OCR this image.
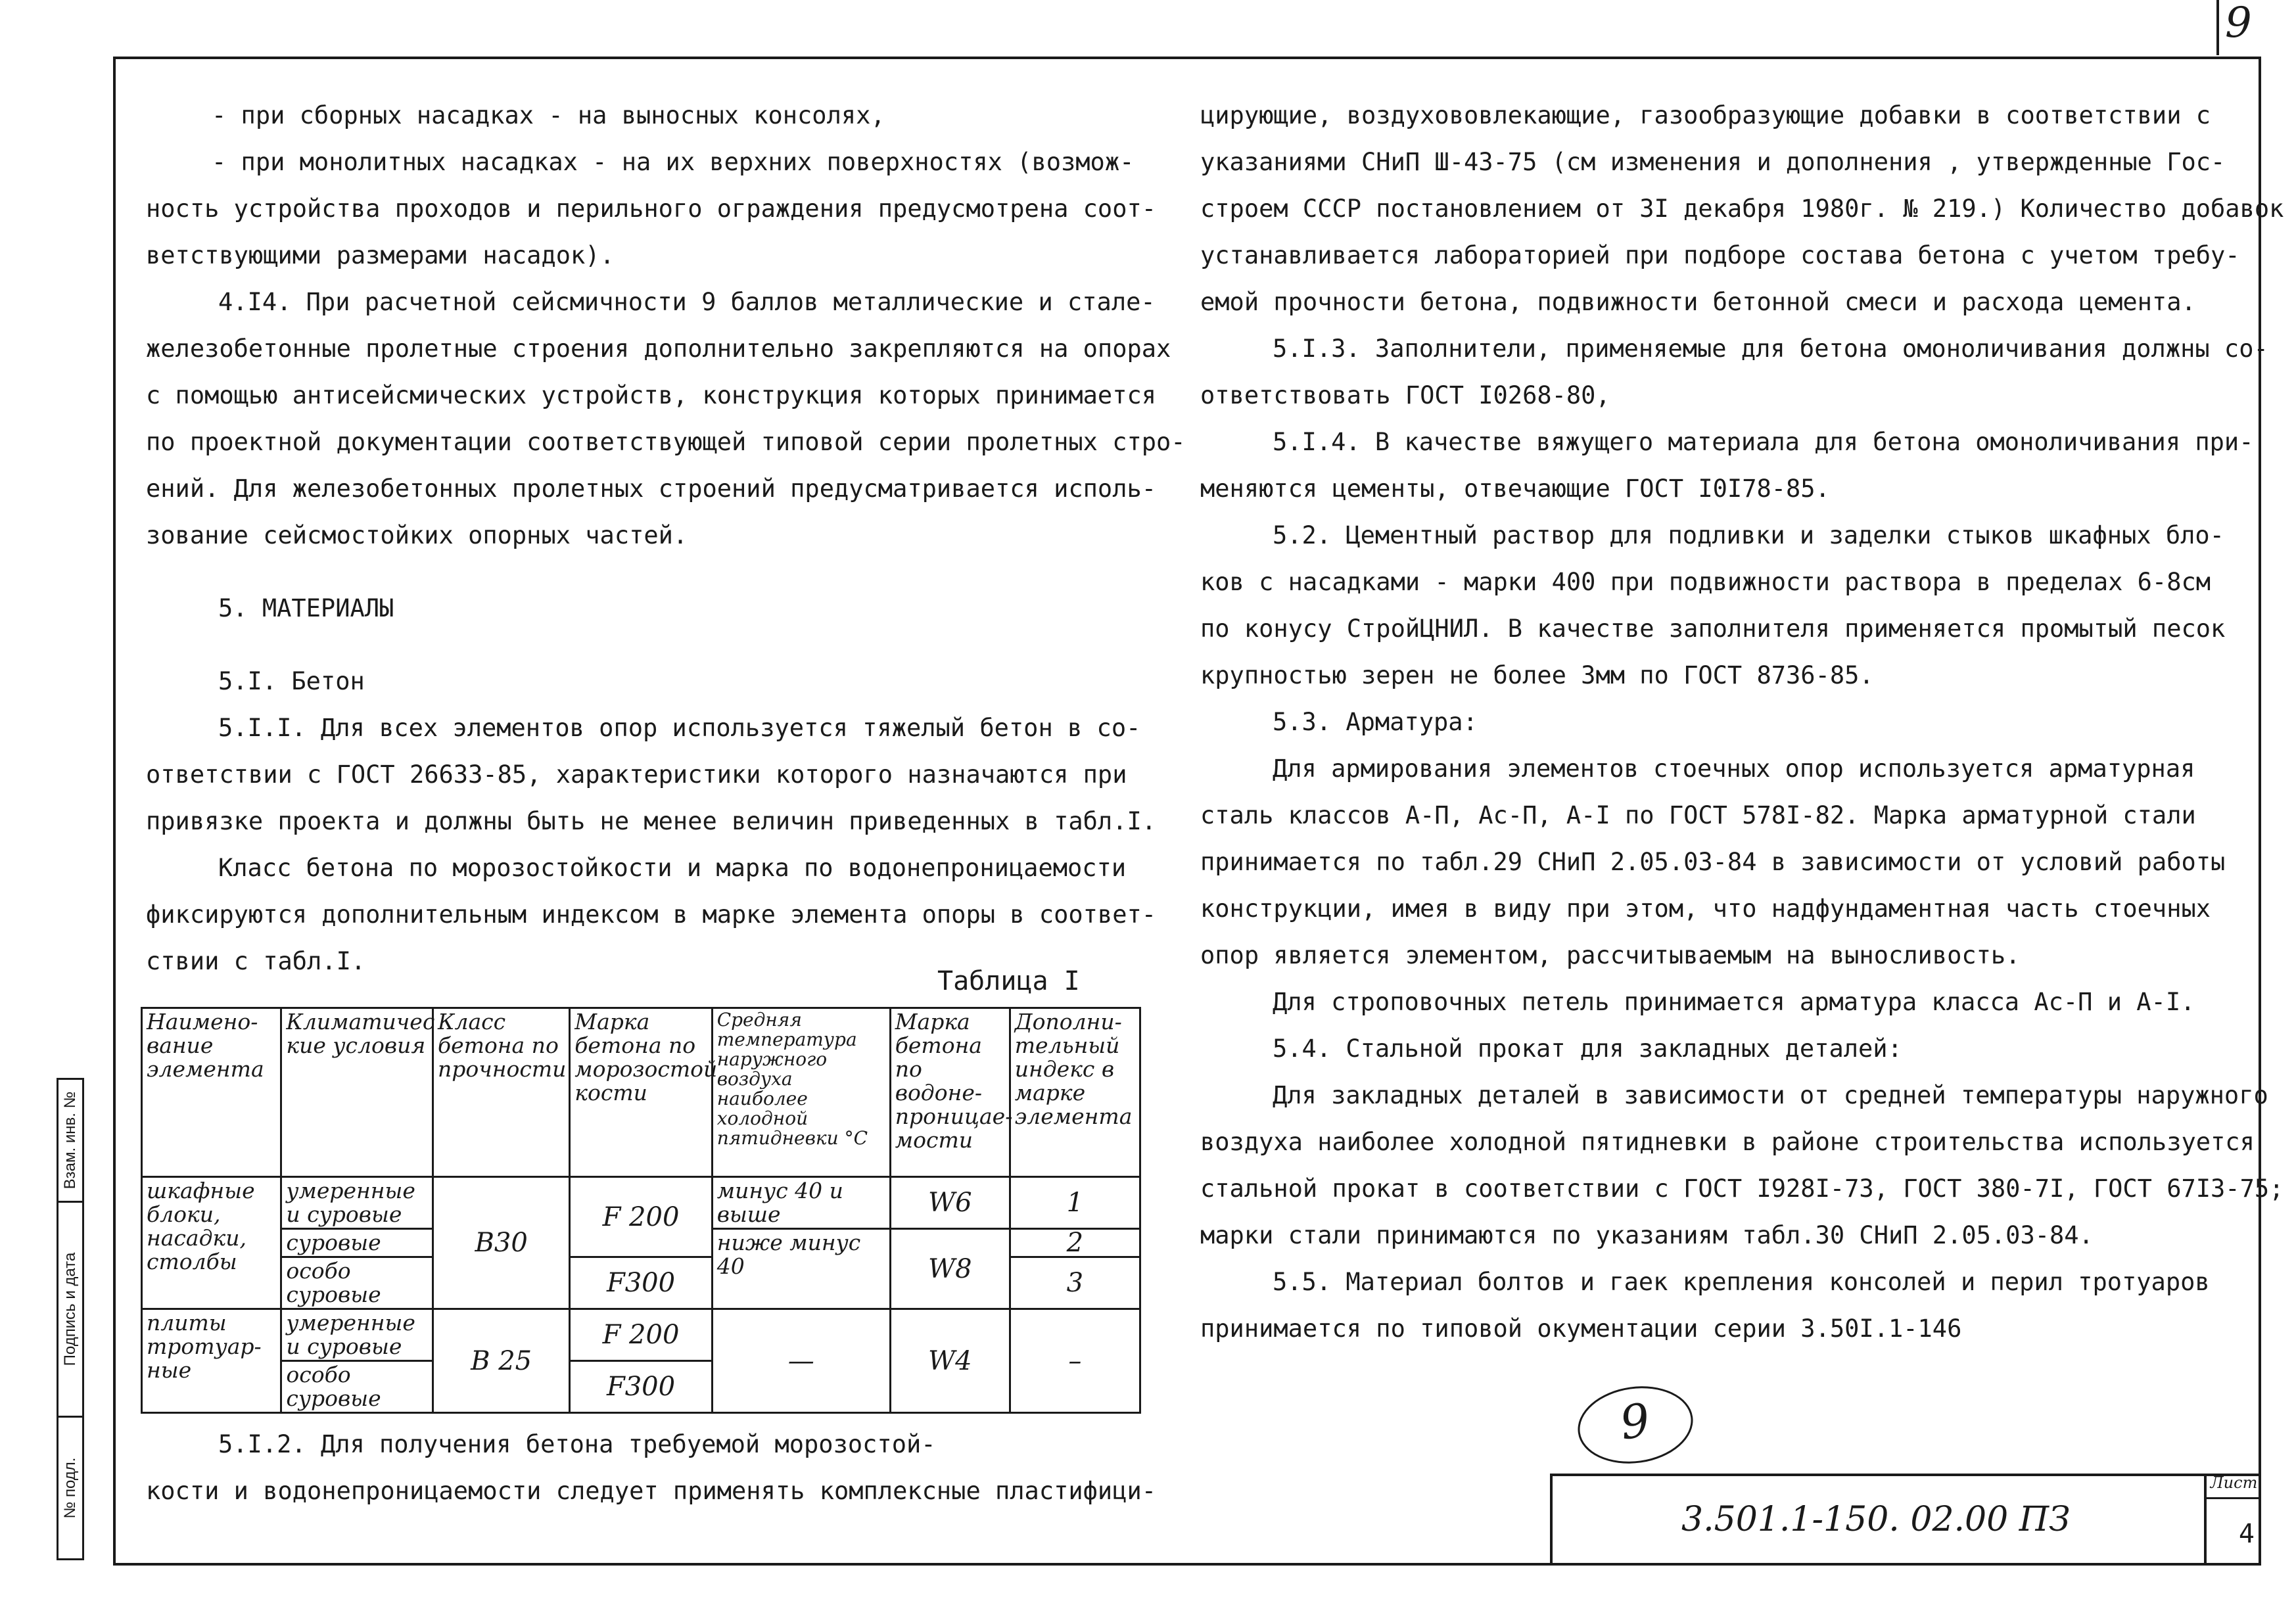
9

- при сборных насадках - на выносных консолях,

- при монолитных насадках - на их верхних поверхностях (возмож-

ность устройства проходов и перильного ограждения предусмотрена соот-

ветствующими размерами насадок).

4.I4. При расчетной сейсмичности 9 баллов металлические и стале-

железобетонные пролетные строения дополнительно закрепляются на опорах

с помощью антисейсмических устройств, конструкция которых принимается

по проектной документации соответствующей типовой серии пролетных стро-

ений. Для железобетонных пролетных строений предусматривается исполь-

зование сейсмостойких опорных частей.

5. МАТЕРИАЛЫ

5.I. Бетон

5.I.I. Для всех элементов опор используется тяжелый бетон в со-

ответствии с ГОСТ 26633-85, характеристики которого назначаются при

привязке проекта и должны быть не менее величин приведенных в табл.I.

Класс бетона по морозостойкости и марка по водонепроницаемости

фиксируются дополнительным индексом в марке элемента опоры в соответ-

ствии с табл.I.

Таблица I
Наимено-вание элемента	Климатичес кие условия	Класс бетона по прочности	Марка бетона по морозостой кости	Средняя температура наружного воздуха наиболее холодной пятидневки °С	Марка бетона по водоне-проницае-мости	Дополни-тельный индекс в марке элемента
шкафные блоки, насадки, столбы	умеренные и суровые	В30	F 200	минус 40 и выше	W6	1
	суровые			ниже минус 40	W8	2
	особо суровые		F300			3
плиты тротуар-ные	умеренные и суровые	В 25	F 200	—	W4	–
	особо суровые		F300			

5.I.2. Для получения бетона требуемой морозостой-

кости и водонепроницаемости следует применять комплексные пластифици-

цирующие, воздухововлекающие, газообразующие добавки в соответствии с

указаниями СНиП Ш-43-75 (см изменения и дополнения , утвержденные Гос-

строем СССР постановлением от 3I декабря 1980г. № 219.) Количество добавок

устанавливается лабораторией при подборе состава бетона с учетом требу-

емой прочности бетона, подвижности бетонной смеси и расхода цемента.

5.I.3. Заполнители, применяемые для бетона омоноличивания должны со-

ответствовать ГОСТ I0268-80,

5.I.4. В качестве вяжущего материала для бетона омоноличивания при-

меняются цементы, отвечающие ГОСТ I0I78-85.

5.2. Цементный раствор для подливки и заделки стыков шкафных бло-

ков с насадками - марки 400 при подвижности раствора в пределах 6-8см

по конусу СтройЦНИЛ. В качестве заполнителя применяется промытый песок

крупностью зерен не более 3мм по ГОСТ 8736-85.

5.3. Арматура:

Для армирования элементов стоечных опор используется арматурная

сталь классов А-П, Ас-П, А-I по ГОСТ 578I-82. Марка арматурной стали

принимается по табл.29 СНиП 2.05.03-84 в зависимости от условий работы

конструкции, имея в виду при этом, что надфундаментная часть стоечных

опор является элементом, рассчитываемым на выносливость.

Для строповочных петель принимается арматура класса Ас-П и А-I.

5.4. Стальной прокат для закладных деталей:

Для закладных деталей в зависимости от средней температуры наружного

воздуха наиболее холодной пятидневки в районе строительства используется

стальной прокат в соответствии с ГОСТ I928I-73, ГОСТ 380-7I, ГОСТ 67I3-75;

марки стали принимаются по указаниям табл.30 СНиП 2.05.03-84.

5.5. Материал болтов и гаек крепления консолей и перил тротуаров

принимается по типовой окументации серии 3.50I.1-146

9
Взам. инв. №
Подпись и дата
№ подл.
3.501.1-150. 02.00 ПЗ
Лист
4
